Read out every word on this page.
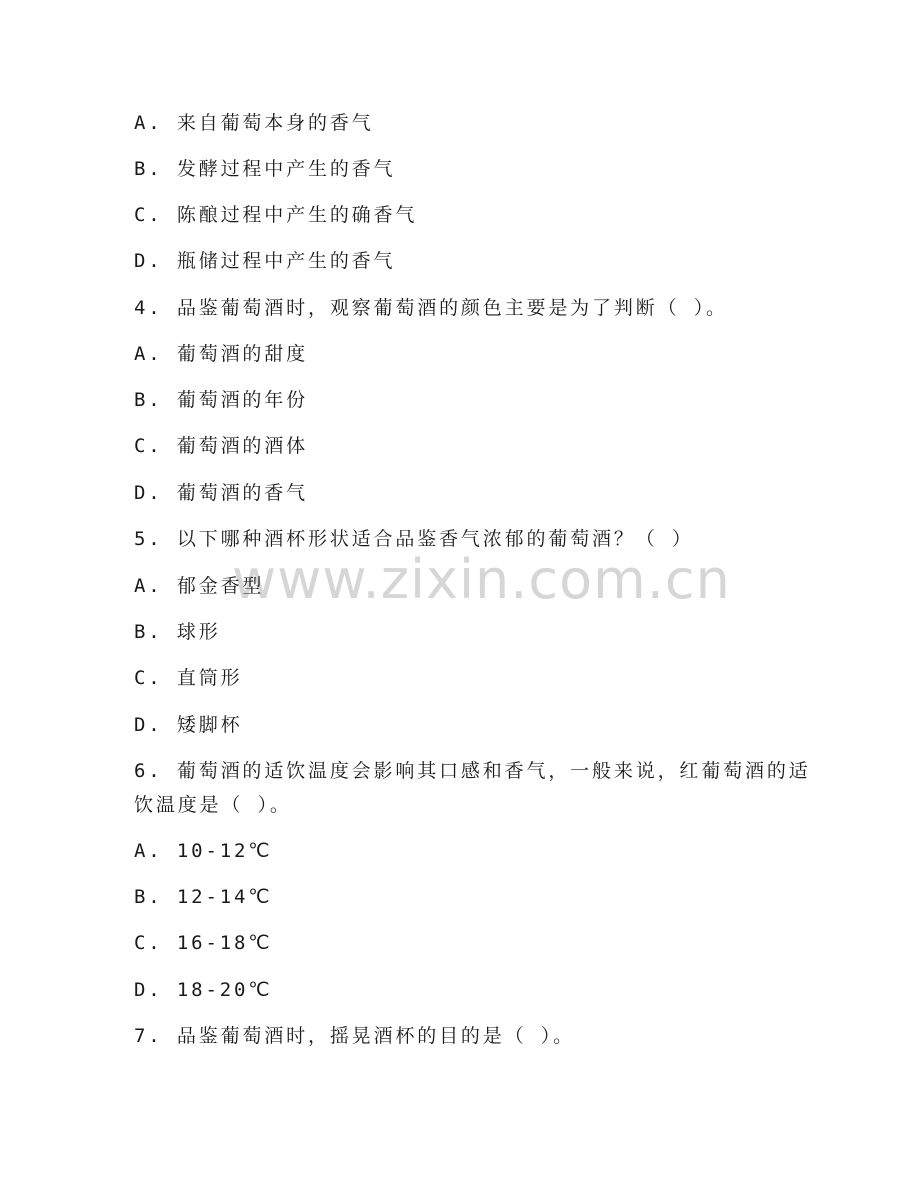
www.zixin.com.cn
A. 来自葡萄本身的香气
B. 发酵过程中产生的香气
C. 陈酿过程中产生的确香气
D. 瓶储过程中产生的香气
4. 品鉴葡萄酒时，观察葡萄酒的颜色主要是为了判断（ ）。
A. 葡萄酒的甜度
B. 葡萄酒的年份
C. 葡萄酒的酒体
D. 葡萄酒的香气
5. 以下哪种酒杯形状适合品鉴香气浓郁的葡萄酒？（ ）
A. 郁金香型
B. 球形
C. 直筒形
D. 矮脚杯
6. 葡萄酒的适饮温度会影响其口感和香气，一般来说，红葡萄酒的适
饮温度是（ ）。
A. 10-12℃
B. 12-14℃
C. 16-18℃
D. 18-20℃
7. 品鉴葡萄酒时，摇晃酒杯的目的是（ ）。
